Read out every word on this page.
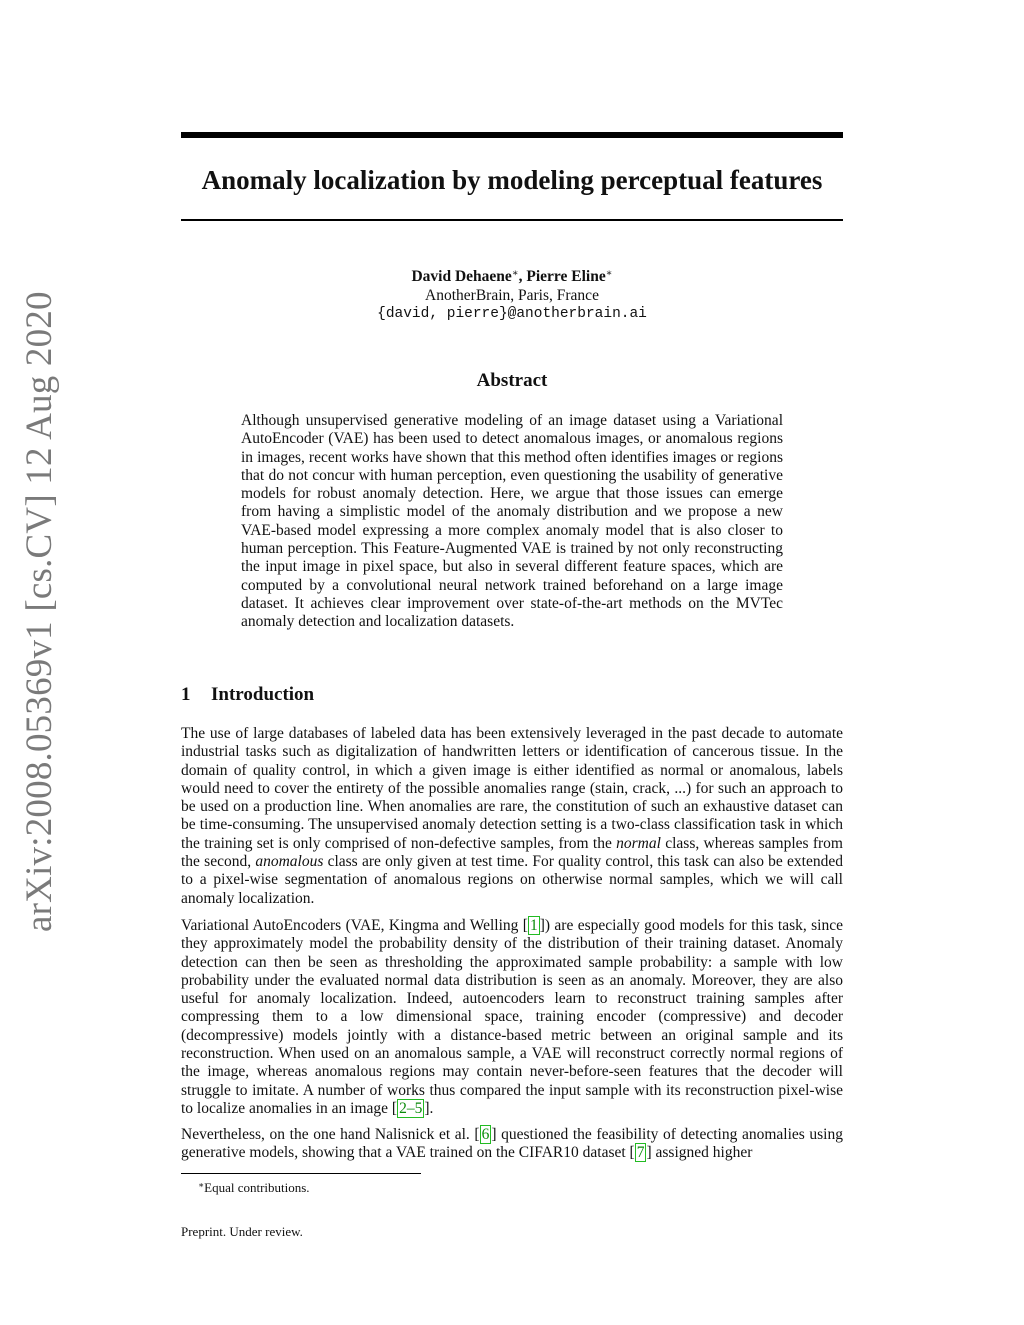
arXiv:2008.05369v1 [cs.CV] 12 Aug 2020
Anomaly localization by modeling perceptual features
David Dehaene∗, Pierre Eline∗
AnotherBrain, Paris, France
{david, pierre}@anotherbrain.ai
Abstract

Although unsupervised generative modeling of an image dataset using a Variational AutoEncoder (VAE) has been used to detect anomalous images, or anomalous regions in images, recent works have shown that this method often identifies images or regions that do not concur with human perception, even questioning the usability of generative models for robust anomaly detection. Here, we argue that those issues can emerge from having a simplistic model of the anomaly distribution and we propose a new VAE-based model expressing a more complex anomaly model that is also closer to human perception. This Feature-Augmented VAE is trained by not only reconstructing the input image in pixel space, but also in several different feature spaces, which are computed by a convolutional neural network trained beforehand on a large image dataset. It achieves clear improvement over state-of-the-art methods on the MVTec anomaly detection and localization datasets.

1 Introduction

The use of large databases of labeled data has been extensively leveraged in the past decade to automate industrial tasks such as digitalization of handwritten letters or identification of cancerous tissue. In the domain of quality control, in which a given image is either identified as normal or anomalous, labels would need to cover the entirety of the possible anomalies range (stain, crack, ...) for such an approach to be used on a production line. When anomalies are rare, the constitution of such an exhaustive dataset can be time-consuming. The unsupervised anomaly detection setting is a two-class classification task in which the training set is only comprised of non-defective samples, from the normal class, whereas samples from the second, anomalous class are only given at test time. For quality control, this task can also be extended to a pixel-wise segmentation of anomalous regions on otherwise normal samples, which we will call anomaly localization.

Variational AutoEncoders (VAE, Kingma and Welling [ 1 ]) are especially good models for this task, since they approximately model the probability density of the distribution of their training dataset. Anomaly detection can then be seen as thresholding the approximated sample probability: a sample with low probability under the evaluated normal data distribution is seen as an anomaly. Moreover, they are also useful for anomaly localization. Indeed, autoencoders learn to reconstruct training samples after compressing them to a low dimensional space, training encoder (compressive) and decoder (decompressive) models jointly with a distance-based metric between an original sample and its reconstruction. When used on an anomalous sample, a VAE will reconstruct correctly normal regions of the image, whereas anomalous regions may contain never-before-seen features that the decoder will struggle to imitate. A number of works thus compared the input sample with its reconstruction pixel-wise to localize anomalies in an image [ 2–5 ].

Nevertheless, on the one hand Nalisnick et al. [ 6 ] questioned the feasibility of detecting anomalies using generative models, showing that a VAE trained on the CIFAR10 dataset [ 7 ] assigned higher

∗Equal contributions.
Preprint. Under review.
